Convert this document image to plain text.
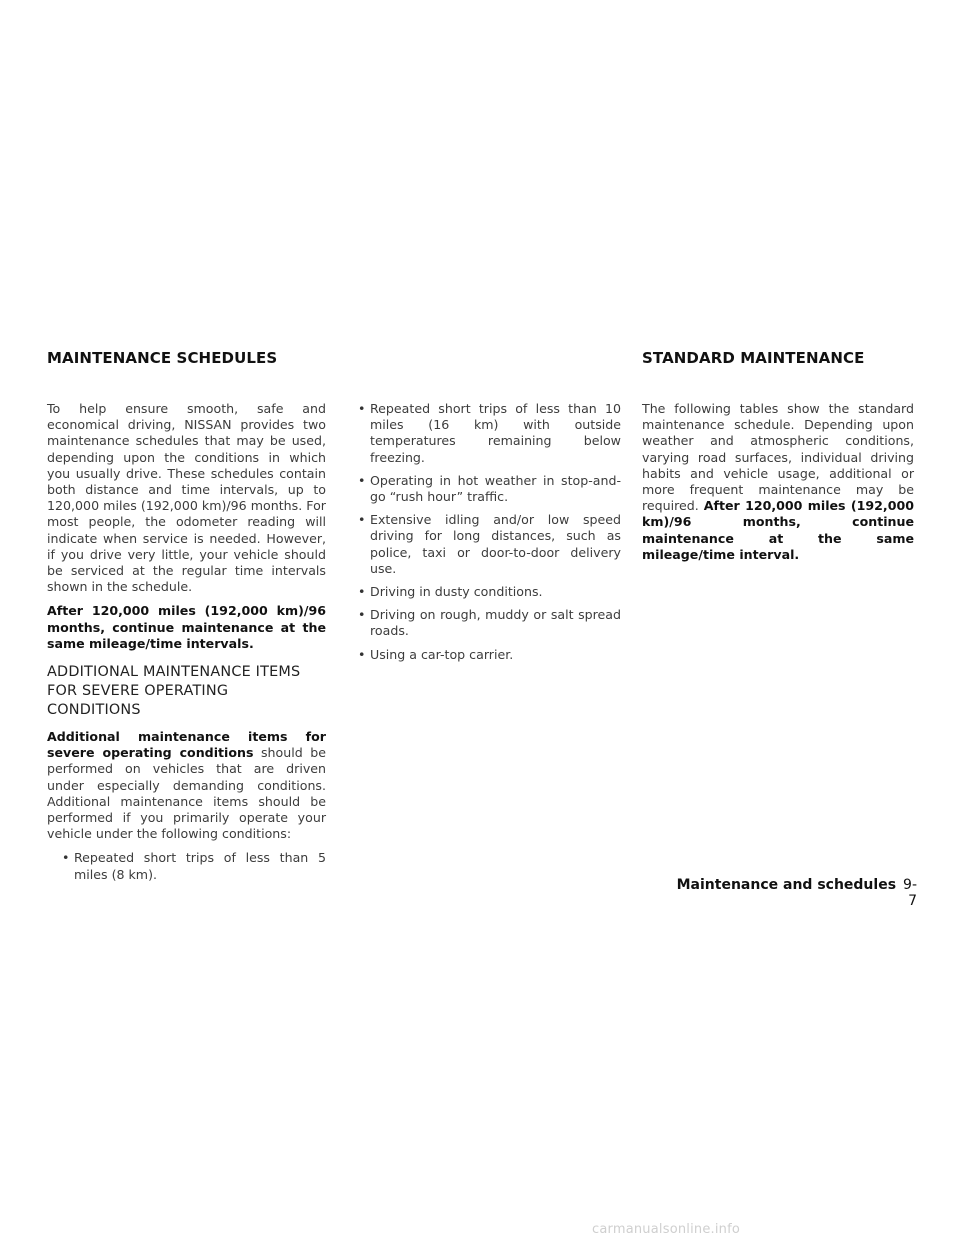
MAINTENANCE SCHEDULES	STANDARD MAINTENANCE

To help ensure smooth, safe and economical driving, NISSAN provides two maintenance schedules that may be used, depending upon the conditions in which you usually drive. These schedules contain both distance and time intervals, up to 120,000 miles (192,000 km)/96 months. For most people, the odometer reading will indicate when service is needed. However, if you drive very little, your vehicle should be serviced at the regular time intervals shown in the schedule.

After 120,000 miles (192,000 km)/96 months, continue maintenance at the same mileage/time intervals.

ADDITIONAL MAINTENANCE ITEMS FOR SEVERE OPERATING CONDITIONS

Additional maintenance items for severe operating conditions should be performed on vehicles that are driven under especially demanding conditions. Additional maintenance items should be performed if you primarily operate your vehicle under the following conditions:

• Repeated short trips of less than 5 miles (8 km).
• Repeated short trips of less than 10 miles (16 km) with outside temperatures remaining below freezing.
• Operating in hot weather in stop-and-go “rush hour” traffic.
• Extensive idling and/or low speed driving for long distances, such as police, taxi or door-to-door delivery use.
• Driving in dusty conditions.
• Driving on rough, muddy or salt spread roads.
• Using a car-top carrier.

The following tables show the standard maintenance schedule. Depending upon weather and atmospheric conditions, varying road surfaces, individual driving habits and vehicle usage, additional or more frequent maintenance may be required. After 120,000 miles (192,000 km)/96 months, continue maintenance at the same mileage/time interval.

Maintenance and schedules 9-7
carmanualsonline.info
